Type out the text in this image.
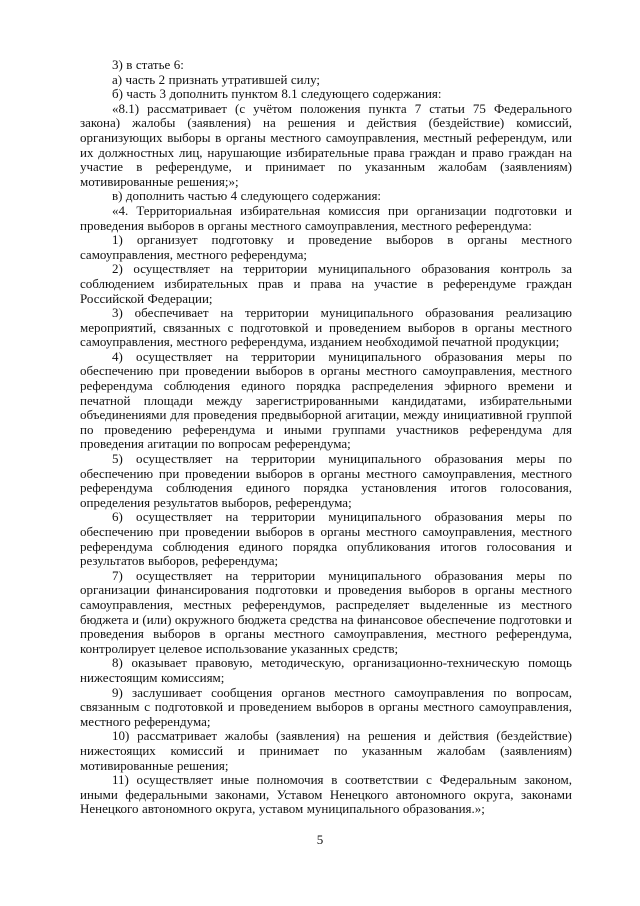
3) в статье 6:

а) часть 2 признать утратившей силу;

б) часть 3 дополнить пунктом 8.1 следующего содержания:

«8.1) рассматривает (с учётом положения пункта 7 статьи 75 Федерального закона) жалобы (заявления) на решения и действия (бездействие) комиссий, организующих выборы в органы местного самоуправления, местный референдум, или их должностных лиц, нарушающие избирательные права граждан и право граждан на участие в референдуме, и принимает по указанным жалобам (заявлениям) мотивированные решения;»;

в) дополнить частью 4 следующего содержания:

«4. Территориальная избирательная комиссия при организации подготовки и проведения выборов в органы местного самоуправления, местного референдума:

1) организует подготовку и проведение выборов в органы местного самоуправления, местного референдума;

2) осуществляет на территории муниципального образования контроль за соблюдением избирательных прав и права на участие в референдуме граждан Российской Федерации;

3) обеспечивает на территории муниципального образования реализацию мероприятий, связанных с подготовкой и проведением выборов в органы местного самоуправления, местного референдума, изданием необходимой печатной продукции;

4) осуществляет на территории муниципального образования меры по обеспечению при проведении выборов в органы местного самоуправления, местного референдума соблюдения единого порядка распределения эфирного времени и печатной площади между зарегистрированными кандидатами, избирательными объединениями для проведения предвыборной агитации, между инициативной группой по проведению референдума и иными группами участников референдума для проведения агитации по вопросам референдума;

5) осуществляет на территории муниципального образования меры по обеспечению при проведении выборов в органы местного самоуправления, местного референдума соблюдения единого порядка установления итогов голосования, определения результатов выборов, референдума;

6) осуществляет на территории муниципального образования меры по обеспечению при проведении выборов в органы местного самоуправления, местного референдума соблюдения единого порядка опубликования итогов голосования и результатов выборов, референдума;

7) осуществляет на территории муниципального образования меры по организации финансирования подготовки и проведения выборов в органы местного самоуправления, местных референдумов, распределяет выделенные из местного бюджета и (или) окружного бюджета средства на финансовое обеспечение подготовки и проведения выборов в органы местного самоуправления, местного референдума, контролирует целевое использование указанных средств;

8) оказывает правовую, методическую, организационно-техническую помощь нижестоящим комиссиям;

9) заслушивает сообщения органов местного самоуправления по вопросам, связанным с подготовкой и проведением выборов в органы местного самоуправления, местного референдума;

10) рассматривает жалобы (заявления) на решения и действия (бездействие) нижестоящих комиссий и принимает по указанным жалобам (заявлениям) мотивированные решения;

11) осуществляет иные полномочия в соответствии с Федеральным законом, иными федеральными законами, Уставом Ненецкого автономного округа, законами Ненецкого автономного округа, уставом муниципального образования.»;

5
